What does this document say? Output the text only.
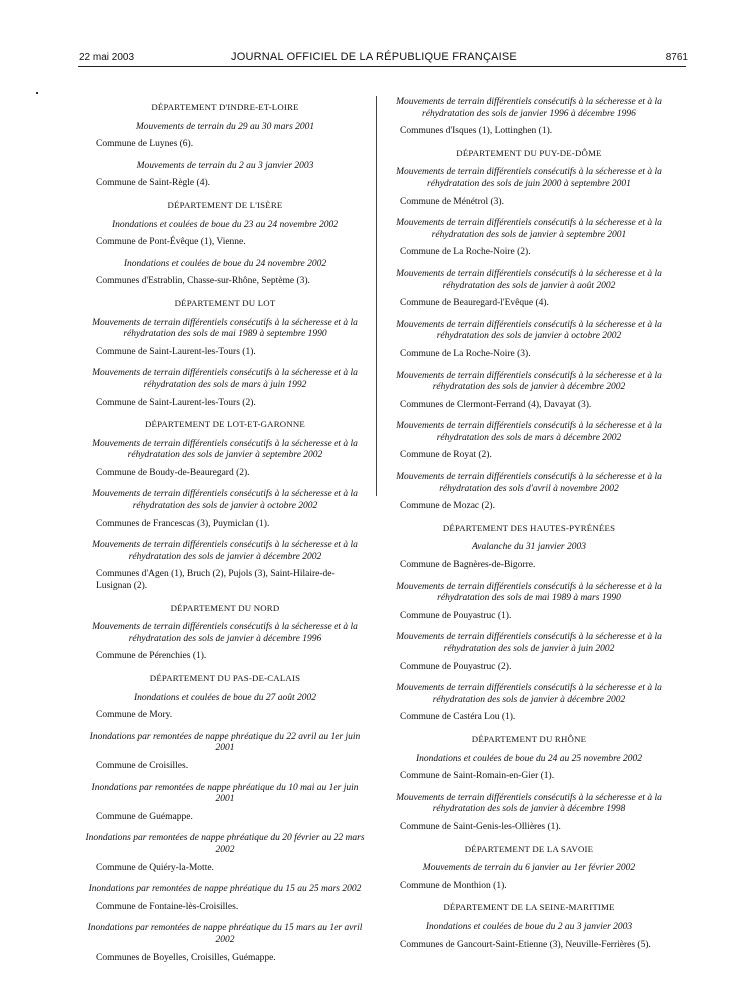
22 mai 2003	JOURNAL OFFICIEL DE LA RÉPUBLIQUE FRANÇAISE	8761
DÉPARTEMENT D'INDRE-ET-LOIRE
Mouvements de terrain du 29 au 30 mars 2001
Commune de Luynes (6).
Mouvements de terrain du 2 au 3 janvier 2003
Commune de Saint-Règle (4).
DÉPARTEMENT DE L'ISÈRE
Inondations et coulées de boue du 23 au 24 novembre 2002
Commune de Pont-Évêque (1), Vienne.
Inondations et coulées de boue du 24 novembre 2002
Communes d'Estrablin, Chasse-sur-Rhône, Septème (3).
DÉPARTEMENT DU LOT
Mouvements de terrain différentiels consécutifs à la sécheresse et à la réhydratation des sols de mai 1989 à septembre 1990
Commune de Saint-Laurent-les-Tours (1).
Mouvements de terrain différentiels consécutifs à la sécheresse et à la réhydratation des sols de mars à juin 1992
Commune de Saint-Laurent-les-Tours (2).
DÉPARTEMENT DE LOT-ET-GARONNE
Mouvements de terrain différentiels consécutifs à la sécheresse et à la réhydratation des sols de janvier à septembre 2002
Commune de Boudy-de-Beauregard (2).
Mouvements de terrain différentiels consécutifs à la sécheresse et à la réhydratation des sols de janvier à octobre 2002
Communes de Francescas (3), Puymiclan (1).
Mouvements de terrain différentiels consécutifs à la sécheresse et à la réhydratation des sols de janvier à décembre 2002
Communes d'Agen (1), Bruch (2), Pujols (3), Saint-Hilaire-de-Lusignan (2).
DÉPARTEMENT DU NORD
Mouvements de terrain différentiels consécutifs à la sécheresse et à la réhydratation des sols de janvier à décembre 1996
Commune de Pérenchies (1).
DÉPARTEMENT DU PAS-DE-CALAIS
Inondations et coulées de boue du 27 août 2002
Commune de Mory.
Inondations par remontées de nappe phréatique du 22 avril au 1er juin 2001
Commune de Croisilles.
Inondations par remontées de nappe phréatique du 10 mai au 1er juin 2001
Commune de Guémappe.
Inondations par remontées de nappe phréatique du 20 février au 22 mars 2002
Commune de Quiéry-la-Motte.
Inondations par remontées de nappe phréatique du 15 au 25 mars 2002
Commune de Fontaine-lès-Croisilles.
Inondations par remontées de nappe phréatique du 15 mars au 1er avril 2002
Communes de Boyelles, Croisilles, Guémappe.
Mouvements de terrain différentiels consécutifs à la sécheresse et à la réhydratation des sols de janvier 1996 à décembre 1996
Communes d'Isques (1), Lottinghen (1).
DÉPARTEMENT DU PUY-DE-DÔME
Mouvements de terrain différentiels consécutifs à la sécheresse et à la réhydratation des sols de juin 2000 à septembre 2001
Commune de Ménétrol (3).
Mouvements de terrain différentiels consécutifs à la sécheresse et à la réhydratation des sols de janvier à septembre 2001
Commune de La Roche-Noire (2).
Mouvements de terrain différentiels consécutifs à la sécheresse et à la réhydratation des sols de janvier à août 2002
Commune de Beauregard-l'Evêque (4).
Mouvements de terrain différentiels consécutifs à la sécheresse et à la réhydratation des sols de janvier à octobre 2002
Commune de La Roche-Noire (3).
Mouvements de terrain différentiels consécutifs à la sécheresse et à la réhydratation des sols de janvier à décembre 2002
Communes de Clermont-Ferrand (4), Davayat (3).
Mouvements de terrain différentiels consécutifs à la sécheresse et à la réhydratation des sols de mars à décembre 2002
Commune de Royat (2).
Mouvements de terrain différentiels consécutifs à la sécheresse et à la réhydratation des sols d'avril à novembre 2002
Commune de Mozac (2).
DÉPARTEMENT DES HAUTES-PYRÉNÉES
Avalanche du 31 janvier 2003
Commune de Bagnères-de-Bigorre.
Mouvements de terrain différentiels consécutifs à la sécheresse et à la réhydratation des sols de mai 1989 à mars 1990
Commune de Pouyastruc (1).
Mouvements de terrain différentiels consécutifs à la sécheresse et à la réhydratation des sols de janvier à juin 2002
Commune de Pouyastruc (2).
Mouvements de terrain différentiels consécutifs à la sécheresse et à la réhydratation des sols de janvier à décembre 2002
Commune de Castéra Lou (1).
DÉPARTEMENT DU RHÔNE
Inondations et coulées de boue du 24 au 25 novembre 2002
Commune de Saint-Romain-en-Gier (1).
Mouvements de terrain différentiels consécutifs à la sécheresse et à la réhydratation des sols de janvier à décembre 1998
Commune de Saint-Genis-les-Ollières (1).
DÉPARTEMENT DE LA SAVOIE
Mouvements de terrain du 6 janvier au 1er février 2002
Commune de Monthion (1).
DÉPARTEMENT DE LA SEINE-MARITIME
Inondations et coulées de boue du 2 au 3 janvier 2003
Communes de Gancourt-Saint-Etienne (3), Neuville-Ferrières (5).
